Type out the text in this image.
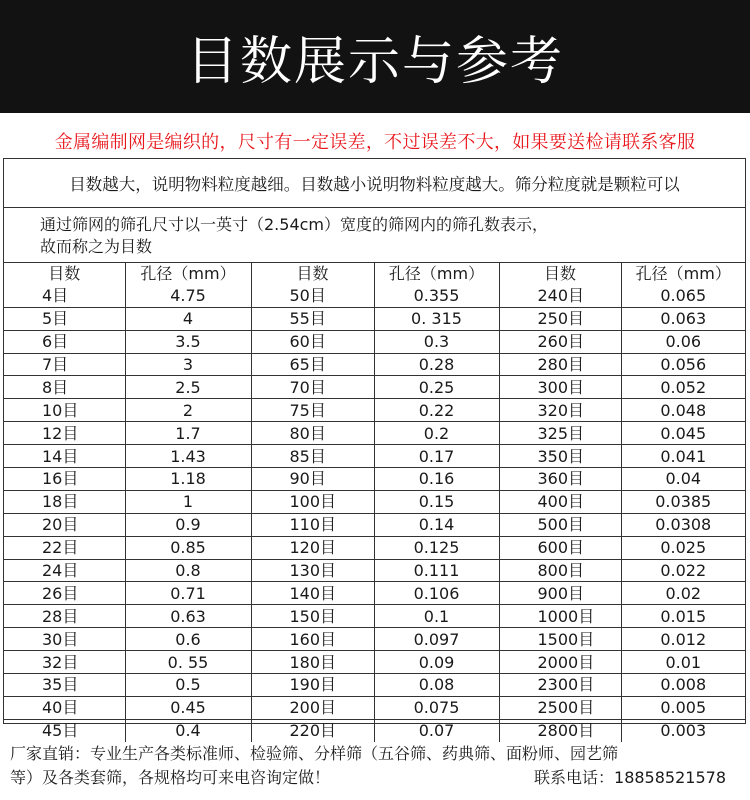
目数展示与参考
金属编制网是编织的，尺寸有一定误差，不过误差不大，如果要送检请联系客服
目数越大，说明物料粒度越细。目数越小说明物料粒度越大。筛分粒度就是颗粒可以
通过筛网的筛孔尺寸以一英寸（2.54cm）宽度的筛网内的筛孔数表示，
故而称之为目数
目数	孔径（mm）	目数	孔径（mm）	目数	孔径（mm）
4目	4.75	50目	0.355	240目	0.065
5目	4	55目	0. 315	250目	0.063
6目	3.5	60目	0.3	260目	0.06
7目	3	65目	0.28	280目	0.056
8目	2.5	70目	0.25	300目	0.052
10目	2	75目	0.22	320目	0.048
12目	1.7	80目	0.2	325目	0.045
14目	1.43	85目	0.17	350目	0.041
16目	1.18	90目	0.16	360目	0.04
18目	1	100目	0.15	400目	0.0385
20目	0.9	110目	0.14	500目	0.0308
22目	0.85	120目	0.125	600目	0.025
24目	0.8	130目	0.111	800目	0.022
26目	0.71	140目	0.106	900目	0.02
28目	0.63	150目	0.1	1000目	0.015
30目	0.6	160目	0.097	1500目	0.012
32目	0. 55	180目	0.09	2000目	0.01
35目	0.5	190目	0.08	2300目	0.008
40目	0.45	200目	0.075	2500目	0.005
45目	0.4	220目	0.07	2800目	0.003
厂家直销：专业生产各类标准师、检验筛、分样筛（五谷筛、药典筛、面粉师、园艺筛
等）及各类套筛，各规格均可来电咨询定做！	联系电话：18858521578
